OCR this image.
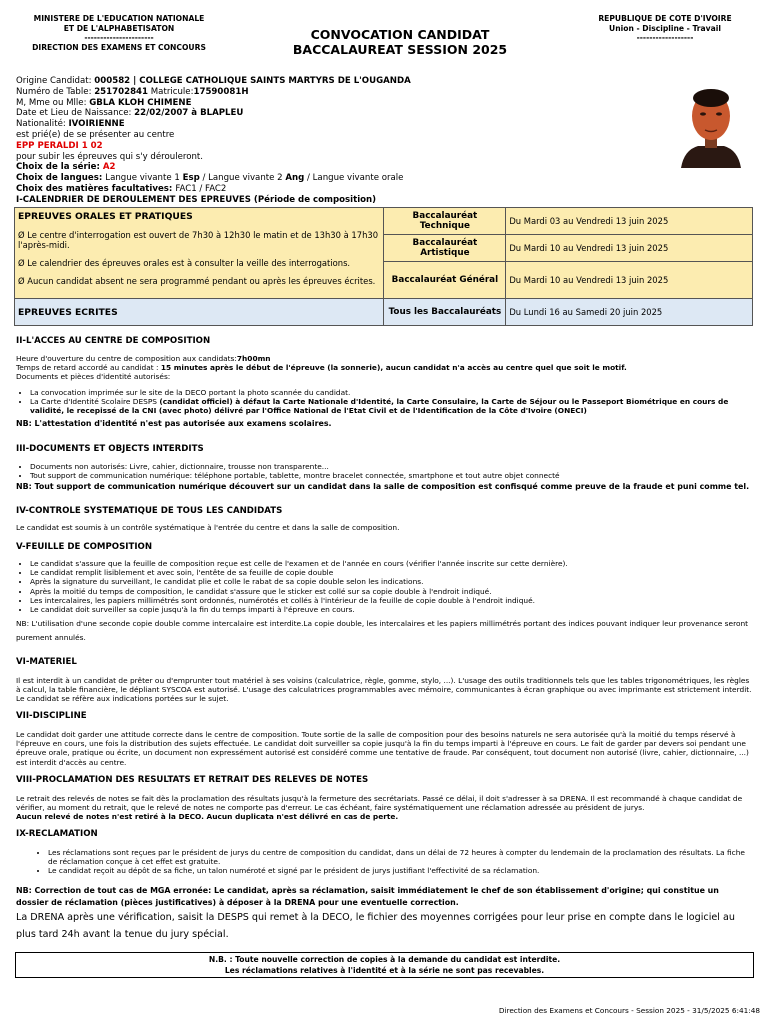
MINISTERE DE L'EDUCATION NATIONALE
ET DE L'ALPHABETISATON
----------------------
DIRECTION DES EXAMENS ET CONCOURS
CONVOCATION CANDIDAT
BACCALAUREAT SESSION 2025
REPUBLIQUE DE COTE D'IVOIRE
Union - Discipline - Travail
------------------
Origine Candidat: 000582 | COLLEGE CATHOLIQUE SAINTS MARTYRS DE L'OUGANDA
Numéro de Table: 251702841 Matricule:17590081H
M, Mme ou Mlle: GBLA KLOH CHIMENE
Date et Lieu de Naissance: 22/02/2007 à BLAPLEU
Nationalité: IVOIRIENNE
est prié(e) de se présenter au centre
EPP PERALDI 1 02
pour subir les épreuves qui s'y dérouleront.
Choix de la série: A2
Choix de langues: Langue vivante 1 Esp / Langue vivante 2 Ang / Langue vivante orale
Choix des matières facultatives: FAC1 / FAC2
I-CALENDRIER DE DEROULEMENT DES EPREUVES (Période de composition)
EPREUVES ORALES ET PRATIQUES
Ø Le centre d'interrogation est ouvert de 7h30 à 12h30 le matin et de 13h30 à 17h30 l'après-midi.
Ø Le calendrier des épreuves orales est à consulter la veille des interrogations.
Ø Aucun candidat absent ne sera programmé pendant ou après les épreuves écrites.	Baccalauréat Technique	Du Mardi 03 au Vendredi 13 juin 2025
	Baccalauréat Artistique	Du Mardi 10 au Vendredi 13 juin 2025
	Baccalauréat Général	Du Mardi 10 au Vendredi 13 juin 2025
EPREUVES ECRITES	Tous les Baccalauréats	Du Lundi 16 au Samedi 20 juin 2025
II-L'ACCES AU CENTRE DE COMPOSITION
Heure d'ouverture du centre de composition aux candidats:7h00mn
Temps de retard accordé au candidat : 15 minutes après le début de l'épreuve (la sonnerie), aucun candidat n'a accès au centre quel que soit le motif.
Documents et pièces d'identité autorisés:
• La convocation imprimée sur le site de la DECO portant la photo scannée du candidat.
• La Carte d'Identité Scolaire DESPS (candidat officiel) à défaut la Carte Nationale d'Identité, la Carte Consulaire, la Carte de Séjour ou le Passeport Biométrique en cours de validité, le recepissé de la CNI (avec photo) délivré par l'Office National de l'Etat Civil et de l'Identification de la Côte d'Ivoire (ONECI)
NB: L'attestation d'identité n'est pas autorisée aux examens scolaires.
III-DOCUMENTS ET OBJECTS INTERDITS
• Documents non autorisés: Livre, cahier, dictionnaire, trousse non transparente...
• Tout support de communication numérique: téléphone portable, tablette, montre bracelet connectée, smartphone et tout autre objet connecté
NB: Tout support de communication numérique découvert sur un candidat dans la salle de composition est confisqué comme preuve de la fraude et puni comme tel.
IV-CONTROLE SYSTEMATIQUE DE TOUS LES CANDIDATS
Le candidat est soumis à un contrôle systématique à l'entrée du centre et dans la salle de composition.
V-FEUILLE DE COMPOSITION
• Le candidat s'assure que la feuille de composition reçue est celle de l'examen et de l'année en cours (vérifier l'année inscrite sur cette dernière).
• Le candidat remplit lisiblement et avec soin, l'entête de sa feuille de copie double
• Après la signature du surveillant, le candidat plie et colle le rabat de sa copie double selon les indications.
• Après la moitié du temps de composition, le candidat s'assure que le sticker est collé sur sa copie double à l'endroit indiqué.
• Les intercalaires, les papiers millimétrés sont ordonnés, numérotés et collés à l'intérieur de la feuille de copie double à l'endroit indiqué.
• Le candidat doit surveiller sa copie jusqu'à la fin du temps imparti à l'épreuve en cours.
NB: L'utilisation d'une seconde copie double comme intercalaire est interdite.La copie double, les intercalaires et les papiers millimétrés portant des indices pouvant indiquer leur provenance seront purement annulés.
VI-MATERIEL
Il est interdit à un candidat de prêter ou d'emprunter tout matériel à ses voisins (calculatrice, règle, gomme, stylo, ...). L'usage des outils traditionnels tels que les tables trigonométriques, les règles à calcul, la table financière, le dépliant SYSCOA est autorisé. L'usage des calculatrices programmables avec mémoire, communicantes à écran graphique ou avec imprimante est strictement interdit. Le candidat se réfère aux indications portées sur le sujet.
VII-DISCIPLINE
Le candidat doit garder une attitude correcte dans le centre de composition. Toute sortie de la salle de composition pour des besoins naturels ne sera autorisée qu'à la moitié du temps réservé à l'épreuve en cours, une fois la distribution des sujets effectuée. Le candidat doit surveiller sa copie jusqu'à la fin du temps imparti à l'épreuve en cours. Le fait de garder par devers soi pendant une épreuve orale, pratique ou écrite, un document non expressément autorisé est considéré comme une tentative de fraude. Par conséquent, tout document non autorisé (livre, cahier, dictionnaire, ...) est interdit d'accès au centre.
VIII-PROCLAMATION DES RESULTATS ET RETRAIT DES RELEVES DE NOTES
Le retrait des relevés de notes se fait dès la proclamation des résultats jusqu'à la fermeture des secrétariats. Passé ce délai, il doit s'adresser à sa DRENA. Il est recommandé à chaque candidat de vérifier, au moment du retrait, que le relevé de notes ne comporte pas d'erreur. Le cas échéant, faire systématiquement une réclamation adressée au président de jurys.
Aucun relevé de notes n'est retiré à la DECO. Aucun duplicata n'est délivré en cas de perte.
IX-RECLAMATION
• Les réclamations sont reçues par le président de jurys du centre de composition du candidat, dans un délai de 72 heures à compter du lendemain de la proclamation des résultats. La fiche de réclamation conçue à cet effet est gratuite.
• Le candidat reçoit au dépôt de sa fiche, un talon numéroté et signé par le président de jurys justifiant l'effectivité de sa réclamation.
NB: Correction de tout cas de MGA erronée: Le candidat, après sa réclamation, saisit immédiatement le chef de son établissement d'origine; qui constitue un dossier de réclamation (pièces justificatives) à déposer à la DRENA pour une eventuelle correction.
La DRENA après une vérification, saisit la DESPS qui remet à la DECO, le fichier des moyennes corrigées pour leur prise en compte dans le logiciel au plus tard 24h avant la tenue du jury spécial.
N.B. : Toute nouvelle correction de copies à la demande du candidat est interdite.
Les réclamations relatives à l'identité et à la série ne sont pas recevables.
Direction des Examens et Concours - Session 2025 - 31/5/2025 6:41:48
